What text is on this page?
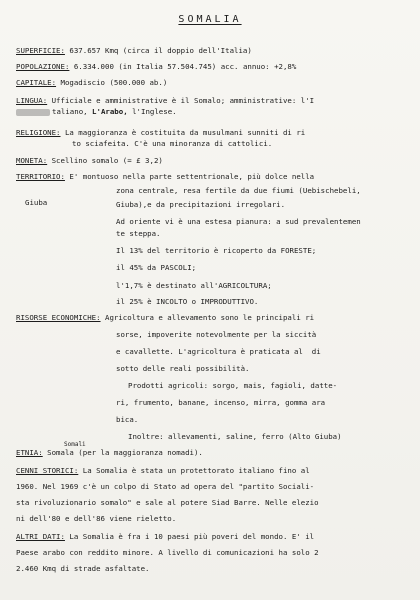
SOMALIA
SUPERFICIE: 637.657 Kmq (circa il doppio dell'Italia)
POPOLAZIONE: 6.334.000 (in Italia 57.504.745) acc. annuo: +2,8%
CAPITALE: Mogadiscio (500.000 ab.)
LINGUA: Ufficiale e amministrative è il Somalo; amministrative: l'I
taliano, L'Arabo, l'Inglese.
RELIGIONE: La maggioranza è costituita da musulmani sunniti di ri
to sciafeita. C'è una minoranza di cattolici.
MONETA: Scellino somalo (= £ 3,2)
TERRITORIO: E' montuoso nella parte settentrionale, più dolce nella
zona centrale, resa fertile da due fiumi (Uebischebeli,
Giuba),e da precipitazioni irregolari.
Giuba
Ad oriente vi è una estesa pianura: a sud prevalentemen
te steppa.
Il 13% del territorio è ricoperto da FORESTE;
il 45% da PASCOLI;
l'1,7% è destinato all'AGRICOLTURA;
il 25% è INCOLTO o IMPRODUTTIVO.
RISORSE ECONOMICHE: Agricoltura e allevamento sono le principali ri
sorse, impoverite notevolmente per la siccità
e cavallette. L'agricoltura è praticata al  di
sotto delle reali possibilità.
Prodotti agricoli: sorgo, mais, fagioli, datte-
ri, frumento, banane, incenso, mirra, gomma ara
bica.
Inoltre: allevamenti, saline, ferro (Alto Giuba)
Somali
ETNIA: Somala (per la maggioranza nomadi).
CENNI STORICI: La Somalia è stata un protettorato italiano fino al
1960. Nel 1969 c'è un colpo di Stato ad opera del "partito Sociali-
sta rivoluzionario somalo" e sale al potere Siad Barre. Nelle elezio
ni dell'80 e dell'86 viene rieletto.
ALTRI DATI: La Somalia è fra i 10 paesi più poveri del mondo. E' il
Paese arabo con reddito minore. A livello di comunicazioni ha solo 2
2.460 Kmq di strade asfaltate.
